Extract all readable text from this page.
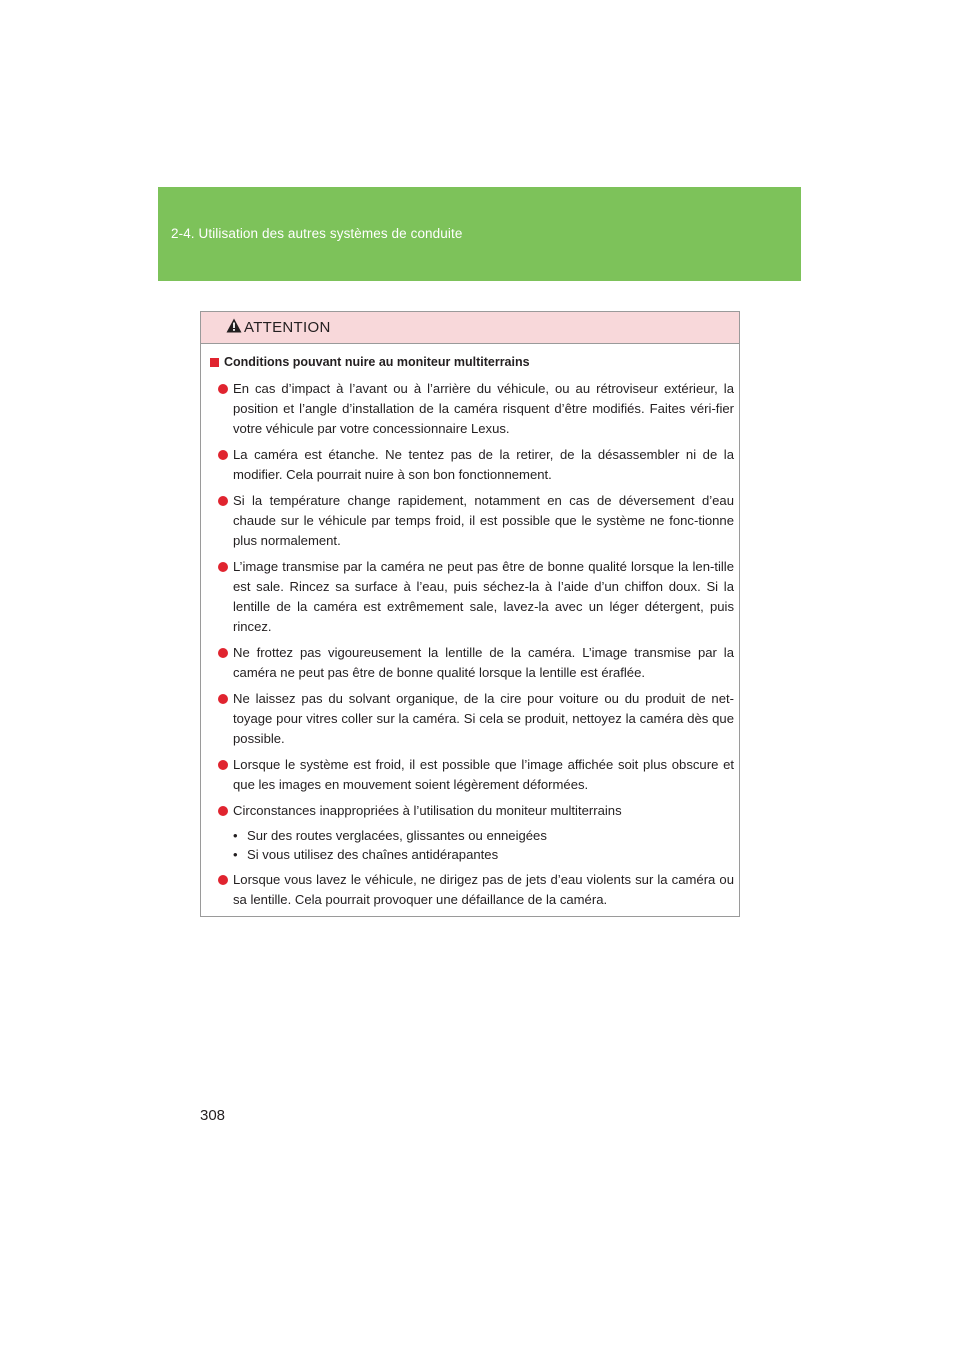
2-4. Utilisation des autres systèmes de conduite
ATTENTION
Conditions pouvant nuire au moniteur multiterrains
En cas d’impact à l’avant ou à l’arrière du véhicule, ou au rétroviseur extérieur, la position et l’angle d’installation de la caméra risquent d’être modifiés. Faites véri-fier votre véhicule par votre concessionnaire Lexus.
La caméra est étanche. Ne tentez pas de la retirer, de la désassembler ni de la modifier. Cela pourrait nuire à son bon fonctionnement.
Si la température change rapidement, notamment en cas de déversement d’eau chaude sur le véhicule par temps froid, il est possible que le système ne fonc-tionne plus normalement.
L’image transmise par la caméra ne peut pas être de bonne qualité lorsque la len-tille est sale. Rincez sa surface à l’eau, puis séchez-la à l’aide d’un chiffon doux. Si la lentille de la caméra est extrêmement sale, lavez-la avec un léger détergent, puis rincez.
Ne frottez pas vigoureusement la lentille de la caméra. L’image transmise par la caméra ne peut pas être de bonne qualité lorsque la lentille est éraflée.
Ne laissez pas du solvant organique, de la cire pour voiture ou du produit de net-toyage pour vitres coller sur la caméra. Si cela se produit, nettoyez la caméra dès que possible.
Lorsque le système est froid, il est possible que l’image affichée soit plus obscure et que les images en mouvement soient légèrement déformées.
Circonstances inappropriées à l’utilisation du moniteur multiterrains
• Sur des routes verglacées, glissantes ou enneigées
• Si vous utilisez des chaînes antidérapantes
Lorsque vous lavez le véhicule, ne dirigez pas de jets d’eau violents sur la caméra ou sa lentille. Cela pourrait provoquer une défaillance de la caméra.
308
